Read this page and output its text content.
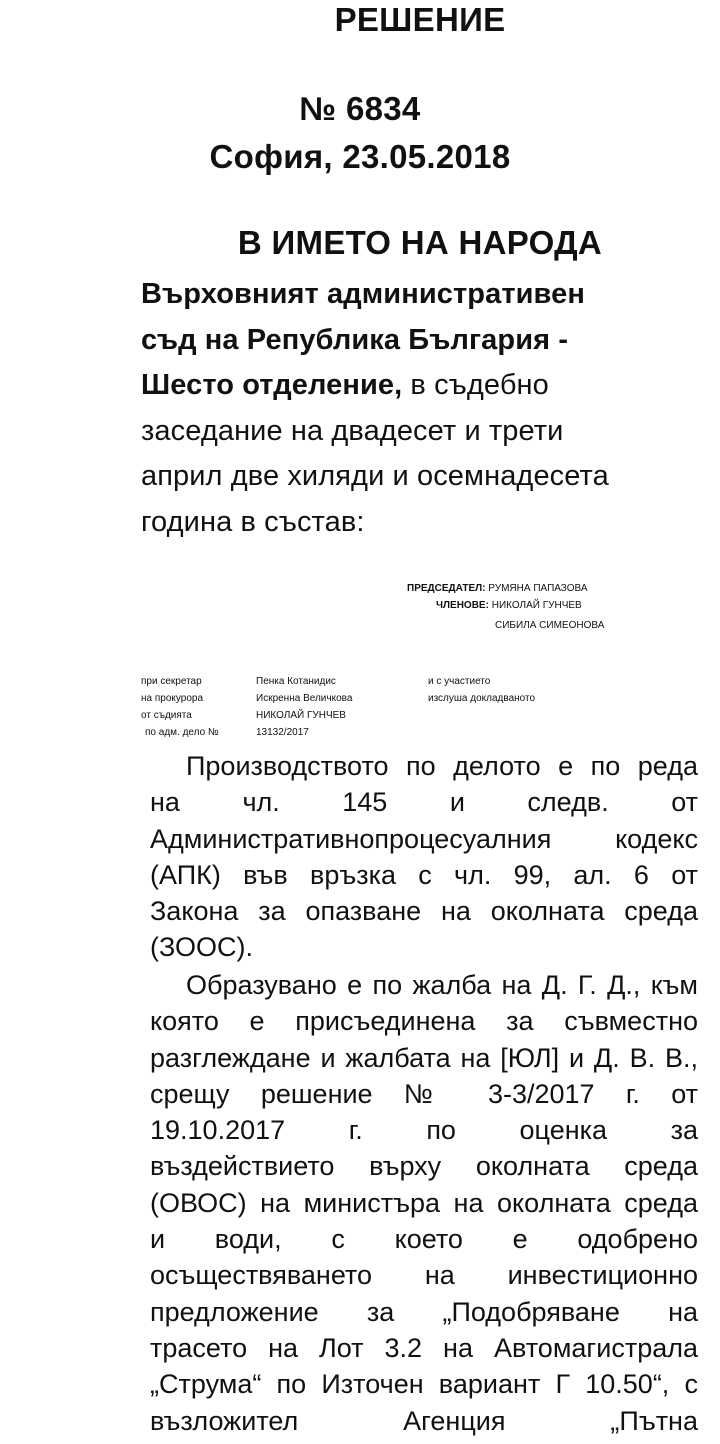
РЕШЕНИЕ
№ 6834
София, 23.05.2018
В ИМЕТО НА НАРОДА
Върховният административен
съд на Република България -
Шесто отделение, в съдебно
заседание на двадесет и трети
април две хиляди и осемнадесета
година в състав:
ПРЕДСЕДАТЕЛ: РУМЯНА ПАПАЗОВА
ЧЛЕНОВЕ: НИКОЛАЙ ГУНЧЕВ
СИБИЛА СИМЕОНОВА
при секретар
на прокурора
от съдията
по адм. дело №
Пенка Котанидис
Искренна Величкова
НИКОЛАЙ ГУНЧЕВ
13132/2017
и с участието
изслуша докладваното
Производството по делото е по реда
на чл. 145 и следв. от
Административнопроцесуалния кодекс
(АПК) във връзка с чл. 99, ал. 6 от
Закона за опазване на околната среда
(ЗООС).
Образувано е по жалба на Д. Г. Д., към
която е присъединена за съвместно
разглеждане и жалбата на [ЮЛ] и Д. В. В.,
срещу решение № 3-3/2017 г. от
19.10.2017 г. по оценка за
въздействието върху околната среда
(ОВОС) на министъра на околната среда
и води, с което е одобрено
осъществяването на инвестиционно
предложение за „Подобряване на
трасето на Лот 3.2 на Автомагистрала
„Струма“ по Източен вариант Г 10.50“, с
възложител Агенция „Пътна
